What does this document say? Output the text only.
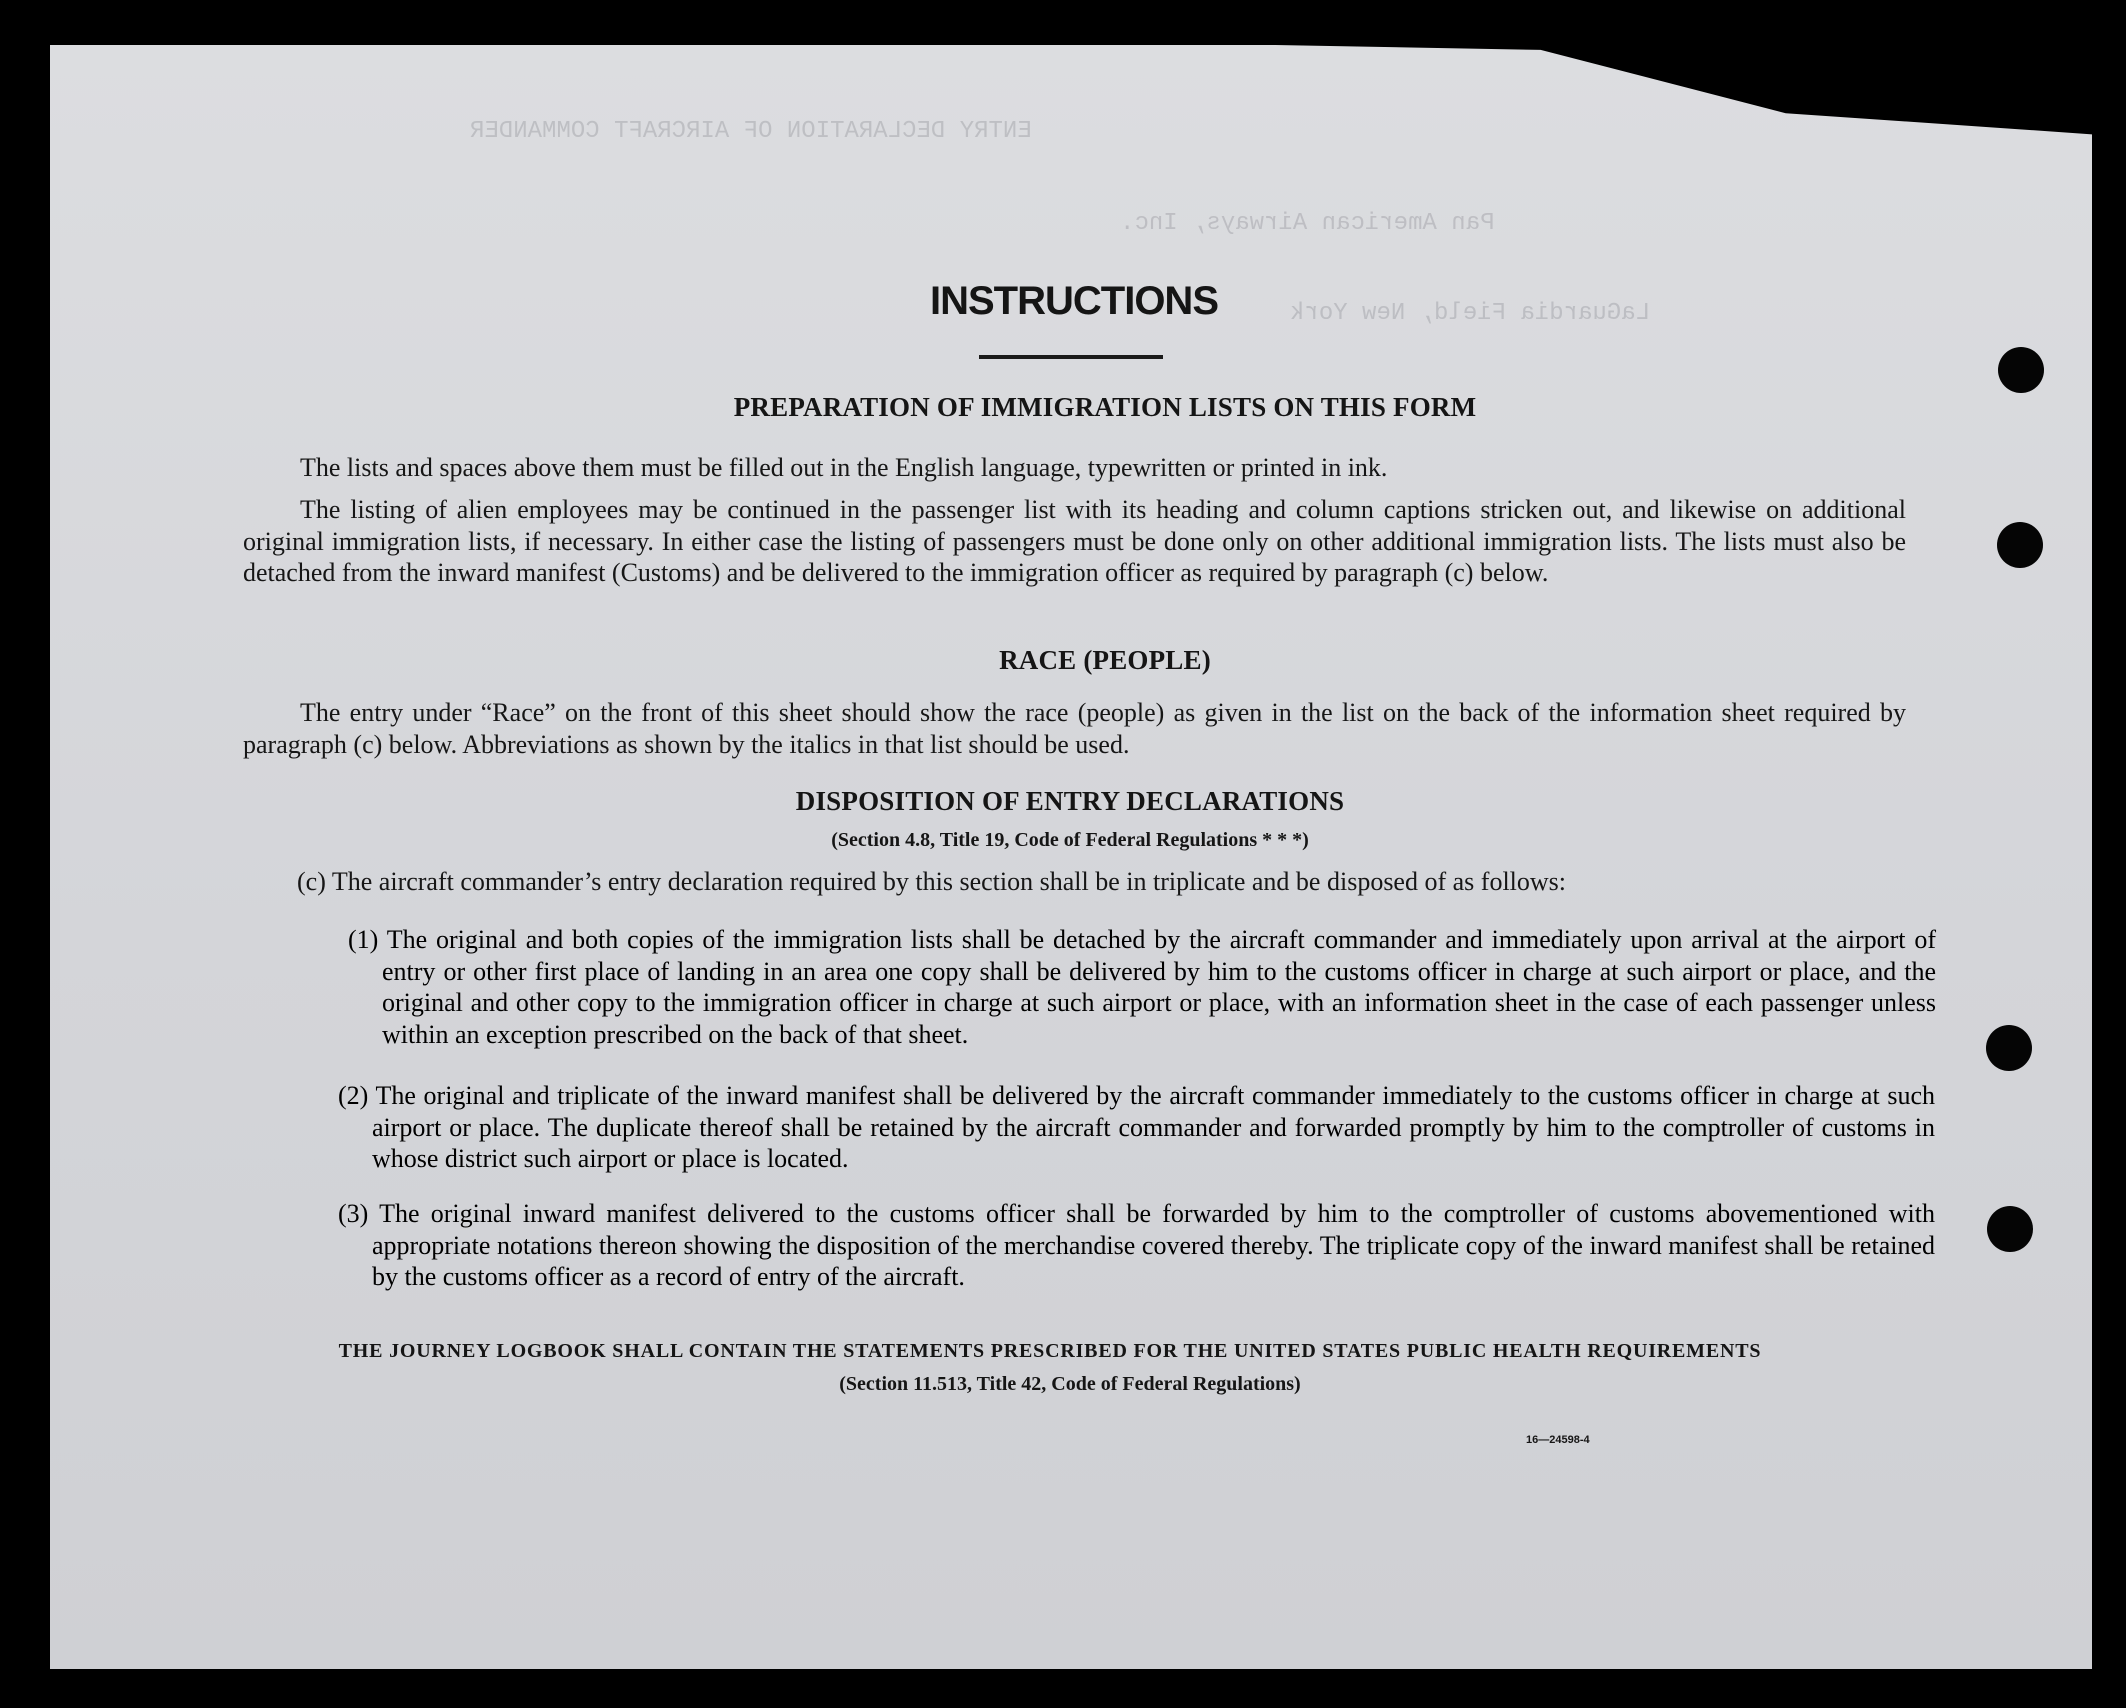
ENTRY DECLARATION OF AIRCRAFT COMMANDER
Pan American Airways, Inc.
LaGuardia Field, New York
INSTRUCTIONS
PREPARATION OF IMMIGRATION LISTS ON THIS FORM
The lists and spaces above them must be filled out in the English language, typewritten or printed in ink.
The listing of alien employees may be continued in the passenger list with its heading and column captions stricken out, and likewise on additional original immigration lists, if necessary. In either case the listing of passengers must be done only on other additional immigration lists. The lists must also be detached from the inward manifest (Customs) and be delivered to the immigration officer as required by paragraph (c) below.
RACE (PEOPLE)
The entry under “Race” on the front of this sheet should show the race (people) as given in the list on the back of the information sheet required by paragraph (c) below. Abbreviations as shown by the italics in that list should be used.
DISPOSITION OF ENTRY DECLARATIONS
(Section 4.8, Title 19, Code of Federal Regulations * * *)
(c) The aircraft commander’s entry declaration required by this section shall be in triplicate and be disposed of as follows:
(1) The original and both copies of the immigration lists shall be detached by the aircraft commander and immediately upon arrival at the airport of entry or other first place of landing in an area one copy shall be delivered by him to the customs officer in charge at such airport or place, and the original and other copy to the immigration officer in charge at such airport or place, with an information sheet in the case of each passenger unless within an exception prescribed on the back of that sheet.
(2) The original and triplicate of the inward manifest shall be delivered by the aircraft commander immediately to the customs officer in charge at such airport or place. The duplicate thereof shall be retained by the aircraft commander and forwarded promptly by him to the comptroller of customs in whose district such airport or place is located.
(3) The original inward manifest delivered to the customs officer shall be forwarded by him to the comptroller of customs abovementioned with appropriate notations thereon showing the disposition of the merchandise covered thereby. The triplicate copy of the inward manifest shall be retained by the customs officer as a record of entry of the aircraft.
THE JOURNEY LOGBOOK SHALL CONTAIN THE STATEMENTS PRESCRIBED FOR THE UNITED STATES PUBLIC HEALTH REQUIREMENTS
(Section 11.513, Title 42, Code of Federal Regulations)
16—24598-4
